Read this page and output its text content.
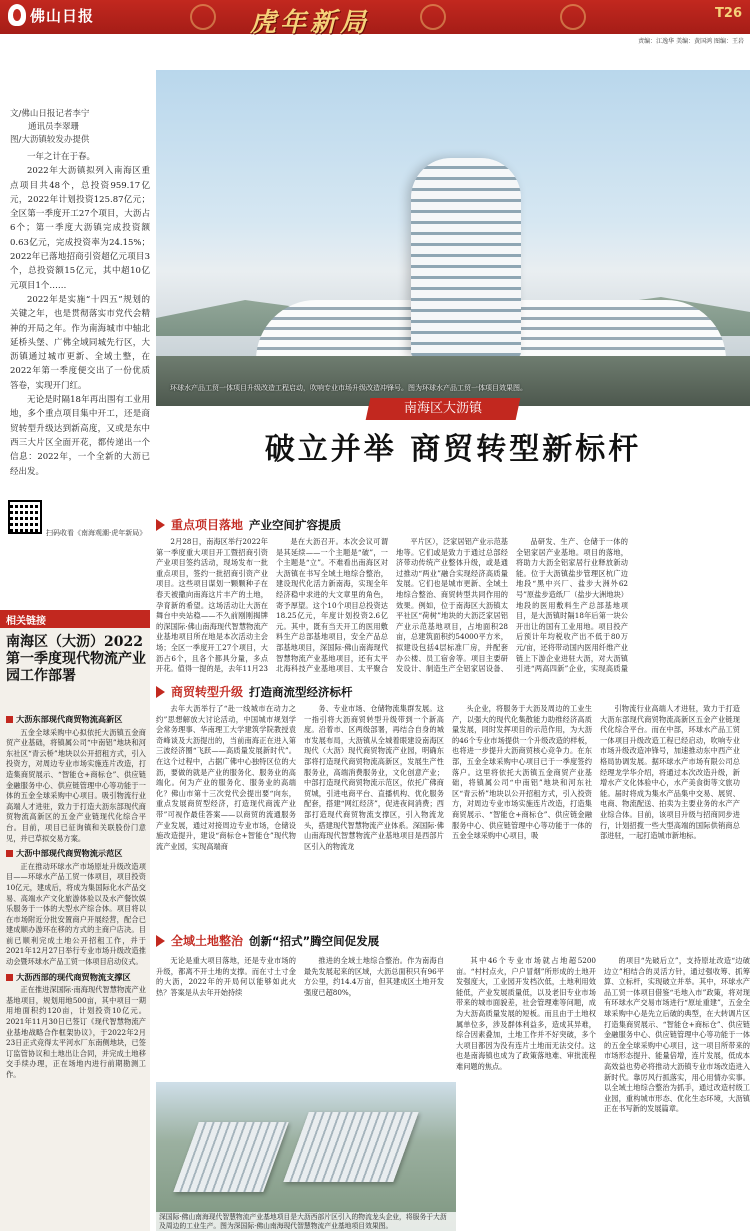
佛山日报	虎年新局	T26
责编：江逸华 美编：黄国鸿 图编：王岩
文/佛山日报记者李宁
通讯员李翠珊
图/大沥镇较发办提供

一年之计在于春。

2022年大沥镇拟列入南海区重点项目共48个，总投资959.17亿元，2022年计划投资125.87亿元；全区第一季度开工27个项目，大沥占6个；第一季度大沥镇完成投资额0.63亿元，完成投资率为24.15%；2022年已落地招商引资超亿元项目3个，总投资额15亿元，其中超10亿元项目1个……

2022年是实施“十四五”规划的关键之年，也是贯彻落实市党代会精神的开局之年。作为南海城市中轴北延桥头堡、广佛全域同城先行区，大沥镇通过城市更新、全域土整，在2022年第一季度便交出了一份优质答卷，实现开门红。

无论是时隔18年再出围有工业用地，多个重点项目集中开工，还是商贸转型升级达到新高度，又或是东中西三大片区全面开花，都传递出一个信息：2022年，一个全新的大沥已经出发。

扫码收看《南海观潮·虎年新局》
相关链接
南海区（大沥）2022第一季度现代物流产业园工作部署
大沥东部现代商贸物流高新区

五金全球采购中心拟依托大沥镇五金商贸产业基础，将镇属公司“中南铝”地块和河东社区“青云桥”地块以公开招租方式，引入投资方，对周边专业市场实施连片改造，打造集商贸展示、“智能仓+商标仓”、供应链金融服务中心、供应链管理中心等功能于一体的五金全球采购中心项目。吸引物流行业高端人才进驻，致力于打造大沥东部现代商贸物流高新区的五金产业链现代化综合平台。目前，项目已征询镇和关联股份门意见，并已草拟交易方案。

大沥中部现代商贸物流示范区

正在推动环球水产市场原址升级改造项目——环球水产品工贸一体项目，项目投资10亿元，建成后，将成为集国际化水产品交易、高端水产文化旅游体验以及水产餐饮娱乐服务于一体的大型水产综合体。项目将以在市场附近分批安置商户开展经营，配合已建成顺办游环在移的方式的主商户店决。目前已顺利完成土地公开招租工作，并于2021年12月27日举行专业市场升级改造推动会暨环球水产品工贸一体项目启动仪式。

大沥西部的现代商贸物流支撑区

正在推进深国际·南海现代智慧物流产业基地项目，规划用地500亩，其中项目一期用地面积约120亩，计划投资10亿元。2021年11月30日已签订《现代智慧物流产业基地战略合作框架协议》，于2022年2月23日正式竞得太平河水厂东南侧地块，已签订监管协议和土地出让合同，并完成土地移交手续办理，正在场地内进行前期勘测工作。

环球水产品工贸一体项目升级改造工程启动，吹响专业市场升级改造冲锋号。图为环球水产品工贸一体项目效果图。
南海区大沥镇
破立并举 商贸转型新标杆
重点项目落地 产业空间扩容提质

2月28日，南海区举行2022年第一季度重大项目开工暨招商引资产业项目签约活动，现场发布一批重点项目，签约一批招商引资产业项目。这些项目谋划一颗颗种子在春天被撒向南海这片丰产的土地，孕育新的希望。这场活动让大沥在舞台中央站稳——不久前刚刚揭牌的深国际·佛山南海现代智慧物流产业基地项目所在地是本次活动主会场；全区一季度开工27个项目，大沥占6个，且各个都具分量，多点开花。值得一提的是，去年11月23

是在大沥召开。本次会议可谓是其延续——一个主题是“破”，一个主题是“立”。不难看出南海区对大沥镇在书写全域土地综合整治，建设现代化活力新南海，实现全年经济稳中求进的大文章里的角色，寄予厚望。这个10个项目总投资达18.25亿元，年度计划投资2.6亿元。其中，既有当天开工的医用敷料生产总部基地项目，安全产品总部基地项目，深国际·佛山南海现代智慧物流产业基地项目，还有太平北海科技产业基地项目、太平聚合

平片区），泛家居铝产业示范基地等。它们或是致力于通过总部经济带动传统产业整体升级，或是通过推动“两业”融合实现经济高质量发展。它们也是城市更新、全域土地综合整治、商贸转型共同作用的效果。例如，位于南海区大沥镇太平社区“荷树”地块的大沥泛家居铝产业示范基地项目，占地面积28亩，总建筑面积约54000平方米，拟建设包括4层标准厂房，并配套办公楼、员工宿舍等。项目主要研发设计、制造生产全铝家居设备、

品研发、生产、仓储于一体的全铝家居产业基地。项目的落地，将助力大沥全铝家居行业释放新动能。位于大沥镇盐步管理区杭广边地段“黑中兴厂、盐步大洲外62号”原盐步造纸厂（盐步大洲地块）地段的医用敷料生产总部基地项目，是大沥镇时隔18年后第一块公开出让的国有工业用地。项目投产后预计年均税收产出不低于80万元/亩，还将带动国内医用纤维产业链上下游企业进驻大沥，对大沥镇引进“两高四新”企业，实现高质量

商贸转型升级 打造商流型经济标杆

去年大沥举行了“赴一线城市在动力之约”思想解放大讨论活动，中国城市规划学会常务理事、华南理工大学建筑学院教授袁奇峰谈及大沥提出的，当前南海正在进入第三波经济圈“飞跃——高质量发展新时代”。在这个过程中，占据广佛中心独特区位的大沥，要做的就是产业的服务化、服务业的高端化。何为产业的服务化、服务业的高端化？佛山市第十三次党代会提出要“向东，重点发展商贸型经济，打造现代商流产业带”可视作最佳答案——以商贸的流通服务产业发展，通过对接周边专业市场，仓储设施改造提升，建设“商标仓+智能仓”现代物流产业园，实现高端商

务、专业市场、仓储物流集群发展。这一指引将大沥商贸转型升级带到一个新高度。沿着市、区两级部署，再结合自身的城市发展布局，大沥镇从全城着眼建设南海区现代（大沥）现代商贸物流产业园，明确东部将打造现代商贸物流高新区，发展生产性服务业，高端消费服务业，文化创意产业；中部打造现代商贸物流示范区，依托广佛商贸城，引进电商平台、直播机构、优化服务配套，搭建“网红经济”，促进夜间消费；西部打造现代商贸物流支撑区，引入物流龙头，搭建现代智慧物流产业体系。深国际·佛山南海现代智慧物流产业基地项目是西部片区引入的物流龙

头企业，将服务于大沥及周边的工业生产，以强大的现代化集散能力助推经济高质量发展，同时发挥项目的示范作用，为大沥的46个专业市场提供一个升级改造的样板，也将进一步提升大沥商贸核心竞争力。在东部，五金全球采购中心项目已于一季度签约落户。这里将依托大沥镇五金商贸产业基础，将镇属公司“中南铝”地块和河东社区“青云桥”地块以公开招租方式，引入投资方，对周边专业市场实施连片改造，打造集商贸展示、“智能仓+商标仓”、供应链金融服务中心、供应链管理中心等功能于一体的五金全球采购中心项目，吸

引物流行业高端人才进驻，致力于打造大沥东部现代商贸物流高新区五金产业链现代化综合平台。而在中部，环球水产品工贸一体项目升级改造工程已经启动，吹响专业市场升级改造冲锋号，加速推动东中西产业格局协调发展。据环球水产市场有限公司总经理龙学华介绍，将通过本次改造升级，新增水产文化体验中心，水产美食街等文旅功能。届时将成为集水产品集中交易、展贸、电商、物流配送、拍卖为主要业务的水产产业综合体。目前，该项目升级与招商同步进行，计划招揽一些大型高端的国际供销商总部进驻，一起打造城市新地标。

全域土地整治 创新“招式”腾空间促发展

无论是重大项目落地，还是专业市场的升级，都离不开土地的支撑。而在寸土寸金的大沥，2022年的开局何以能够如此火热？答案是从去年开始持续

推进的全域土地综合整治。作为南海自最先发展起来的区域，大沥总面积只有96平方公里，约14.4万亩，但其建成区土地开发强度已超80%，

其中46个专业市场就占地超5200亩。“村村点火，户户冒烟”所形成的土地开发强度大，工业园开发档次低，土地利用效能低，产业发展质量低，以及老旧专业市场带来的城市面貌差，社会管理难等问题，成为大沥高质量发展的短板。而且由于土地权属单位多，涉及群体利益多，造成其异难，综合因素叠加，土地工作并不好突破，多个大项目都因为没有连片土地而无法交付。这也是南海镇也成为了政策落地难、审批流程难问题的焦点。

的项目“先破后立”，支持原址改造“边破边立”相结合的灵活方针，通过强收筹、抓筹算、立标杆，实现破立并举。其中，环球水产品工贸一体项目借鉴“毛地入市”政策，将对现有环球水产交易市场进行“原址重建”，五金全球采购中心是先立后破的典型，在大转调片区打造集商贸展示、“智能仓+商标仓”、供应链金融服务中心、供应链管理中心等功能于一体的五金全球采购中心项目，这一项目所带来的市场形态提升、能量倍增，连片发展，低成本高效益也势必将推动大沥镇专业市场改造进入新时代。靠厉风行抓落实，用心用情办实事。以全域土地综合整治为抓手，通过改造村级工业园，重构城市形态、优化生态环境，大沥镇正在书写新的发展篇章。

深国际·佛山南海现代智慧物流产业基地项目是大沥西部片区引入的物流龙头企业，将服务于大沥及周边的工业生产。图为深国际·佛山南海现代智慧物流产业基地项目效果图。
